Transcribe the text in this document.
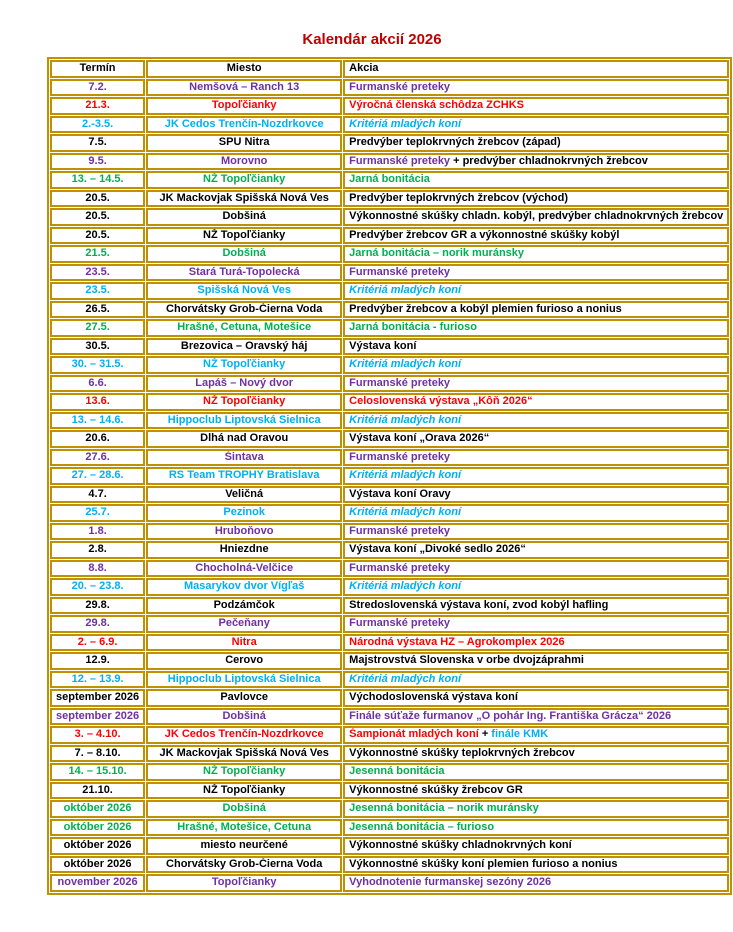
Kalendár akcií 2026
Termín	Miesto	Akcia
7.2.	Nemšová – Ranch 13	Furmanské preteky
21.3.	Topoľčianky	Výročná členská schôdza ZCHKS
2.-3.5.	JK Cedos Trenčín-Nozdrkovce	Kritériá mladých koní
7.5.	SPU Nitra	Predvýber teplokrvných žrebcov (západ)
9.5.	Morovno	Furmanské preteky + predvýber chladnokrvných žrebcov
13. – 14.5.	NŽ Topoľčianky	Jarná bonitácia
20.5.	JK Mackovjak Spišská Nová Ves	Predvýber teplokrvných žrebcov (východ)
20.5.	Dobšiná	Výkonnostné skúšky chladn. kobýl, predvýber chladnokrvných žrebcov
20.5.	NŽ Topoľčianky	Predvýber žrebcov GR a výkonnostné skúšky kobýl
21.5.	Dobšiná	Jarná bonitácia – norik muránsky
23.5.	Stará Turá-Topolecká	Furmanské preteky
23.5.	Spišská Nová Ves	Kritériá mladých koní
26.5.	Chorvátsky Grob-Čierna Voda	Predvýber žrebcov a kobýl plemien furioso a nonius
27.5.	Hrašné, Cetuna, Motešice	Jarná bonitácia - furioso
30.5.	Brezovica – Oravský háj	Výstava koní
30. – 31.5.	NŽ Topoľčianky	Kritériá mladých koní
6.6.	Lapáš – Nový dvor	Furmanské preteky
13.6.	NŽ Topoľčianky	Celoslovenská výstava „Kôň 2026“
13. – 14.6.	Hippoclub Liptovská Sielnica	Kritériá mladých koní
20.6.	Dlhá nad Oravou	Výstava koní „Orava 2026“
27.6.	Šintava	Furmanské preteky
27. – 28.6.	RS Team TROPHY Bratislava	Kritériá mladých koní
4.7.	Veličná	Výstava koní Oravy
25.7.	Pezinok	Kritériá mladých koní
1.8.	Hruboňovo	Furmanské preteky
2.8.	Hniezdne	Výstava koní „Divoké sedlo 2026“
8.8.	Chocholná-Velčice	Furmanské preteky
20. – 23.8.	Masarykov dvor Vígľaš	Kritériá mladých koní
29.8.	Podzámčok	Stredoslovenská výstava koní, zvod kobýl hafling
29.8.	Pečeňany	Furmanské preteky
2. – 6.9.	Nitra	Národná výstava HZ – Agrokomplex 2026
12.9.	Cerovo	Majstrovstvá Slovenska v orbe dvojzáprahmi
12. – 13.9.	Hippoclub Liptovská Sielnica	Kritériá mladých koní
september 2026	Pavlovce	Východoslovenská výstava koní
september 2026	Dobšiná	Finále súťaže furmanov „O pohár Ing. Františka Grácza“ 2026
3. – 4.10.	JK Cedos Trenčín-Nozdrkovce	Šampionát mladých koní + finále KMK
7. – 8.10.	JK Mackovjak Spišská Nová Ves	Výkonnostné skúšky teplokrvných žrebcov
14. – 15.10.	NŽ Topoľčianky	Jesenná bonitácia
21.10.	NŽ Topoľčianky	Výkonnostné skúšky žrebcov GR
október 2026	Dobšiná	Jesenná bonitácia – norik muránsky
október 2026	Hrašné, Motešice, Cetuna	Jesenná bonitácia – furioso
október 2026	miesto neurčené	Výkonnostné skúšky chladnokrvných koní
október 2026	Chorvátsky Grob-Čierna Voda	Výkonnostné skúšky koní plemien furioso a nonius
november 2026	Topoľčianky	Vyhodnotenie furmanskej sezóny 2026
